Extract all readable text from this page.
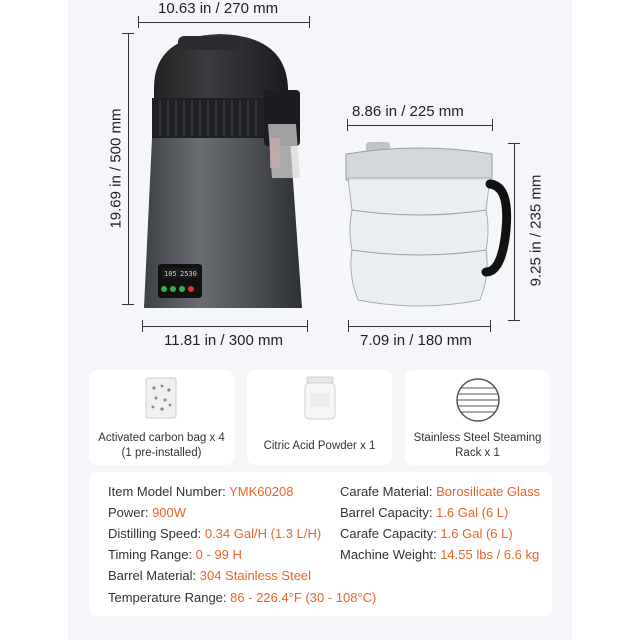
10.63 in / 270 mm
19.69 in / 500 mm
105 2530
11.81 in / 300 mm
8.86 in / 225 mm
9.25 in / 235 mm
7.09 in / 180 mm
Activated carbon bag x 4
(1 pre-installed)
Citric Acid Powder x 1
Stainless Steel Steaming
Rack x 1
Item Model Number: YMK60208
Power: 900W
Distilling Speed: 0.34 Gal/H (1.3 L/H)
Timing Range: 0 - 99 H
Barrel Material: 304 Stainless Steel
Temperature Range: 86 - 226.4°F (30 - 108°C)
Carafe Material: Borosilicate Glass
Barrel Capacity: 1.6 Gal (6 L)
Carafe Capacity: 1.6 Gal (6 L)
Machine Weight: 14.55 lbs / 6.6 kg
